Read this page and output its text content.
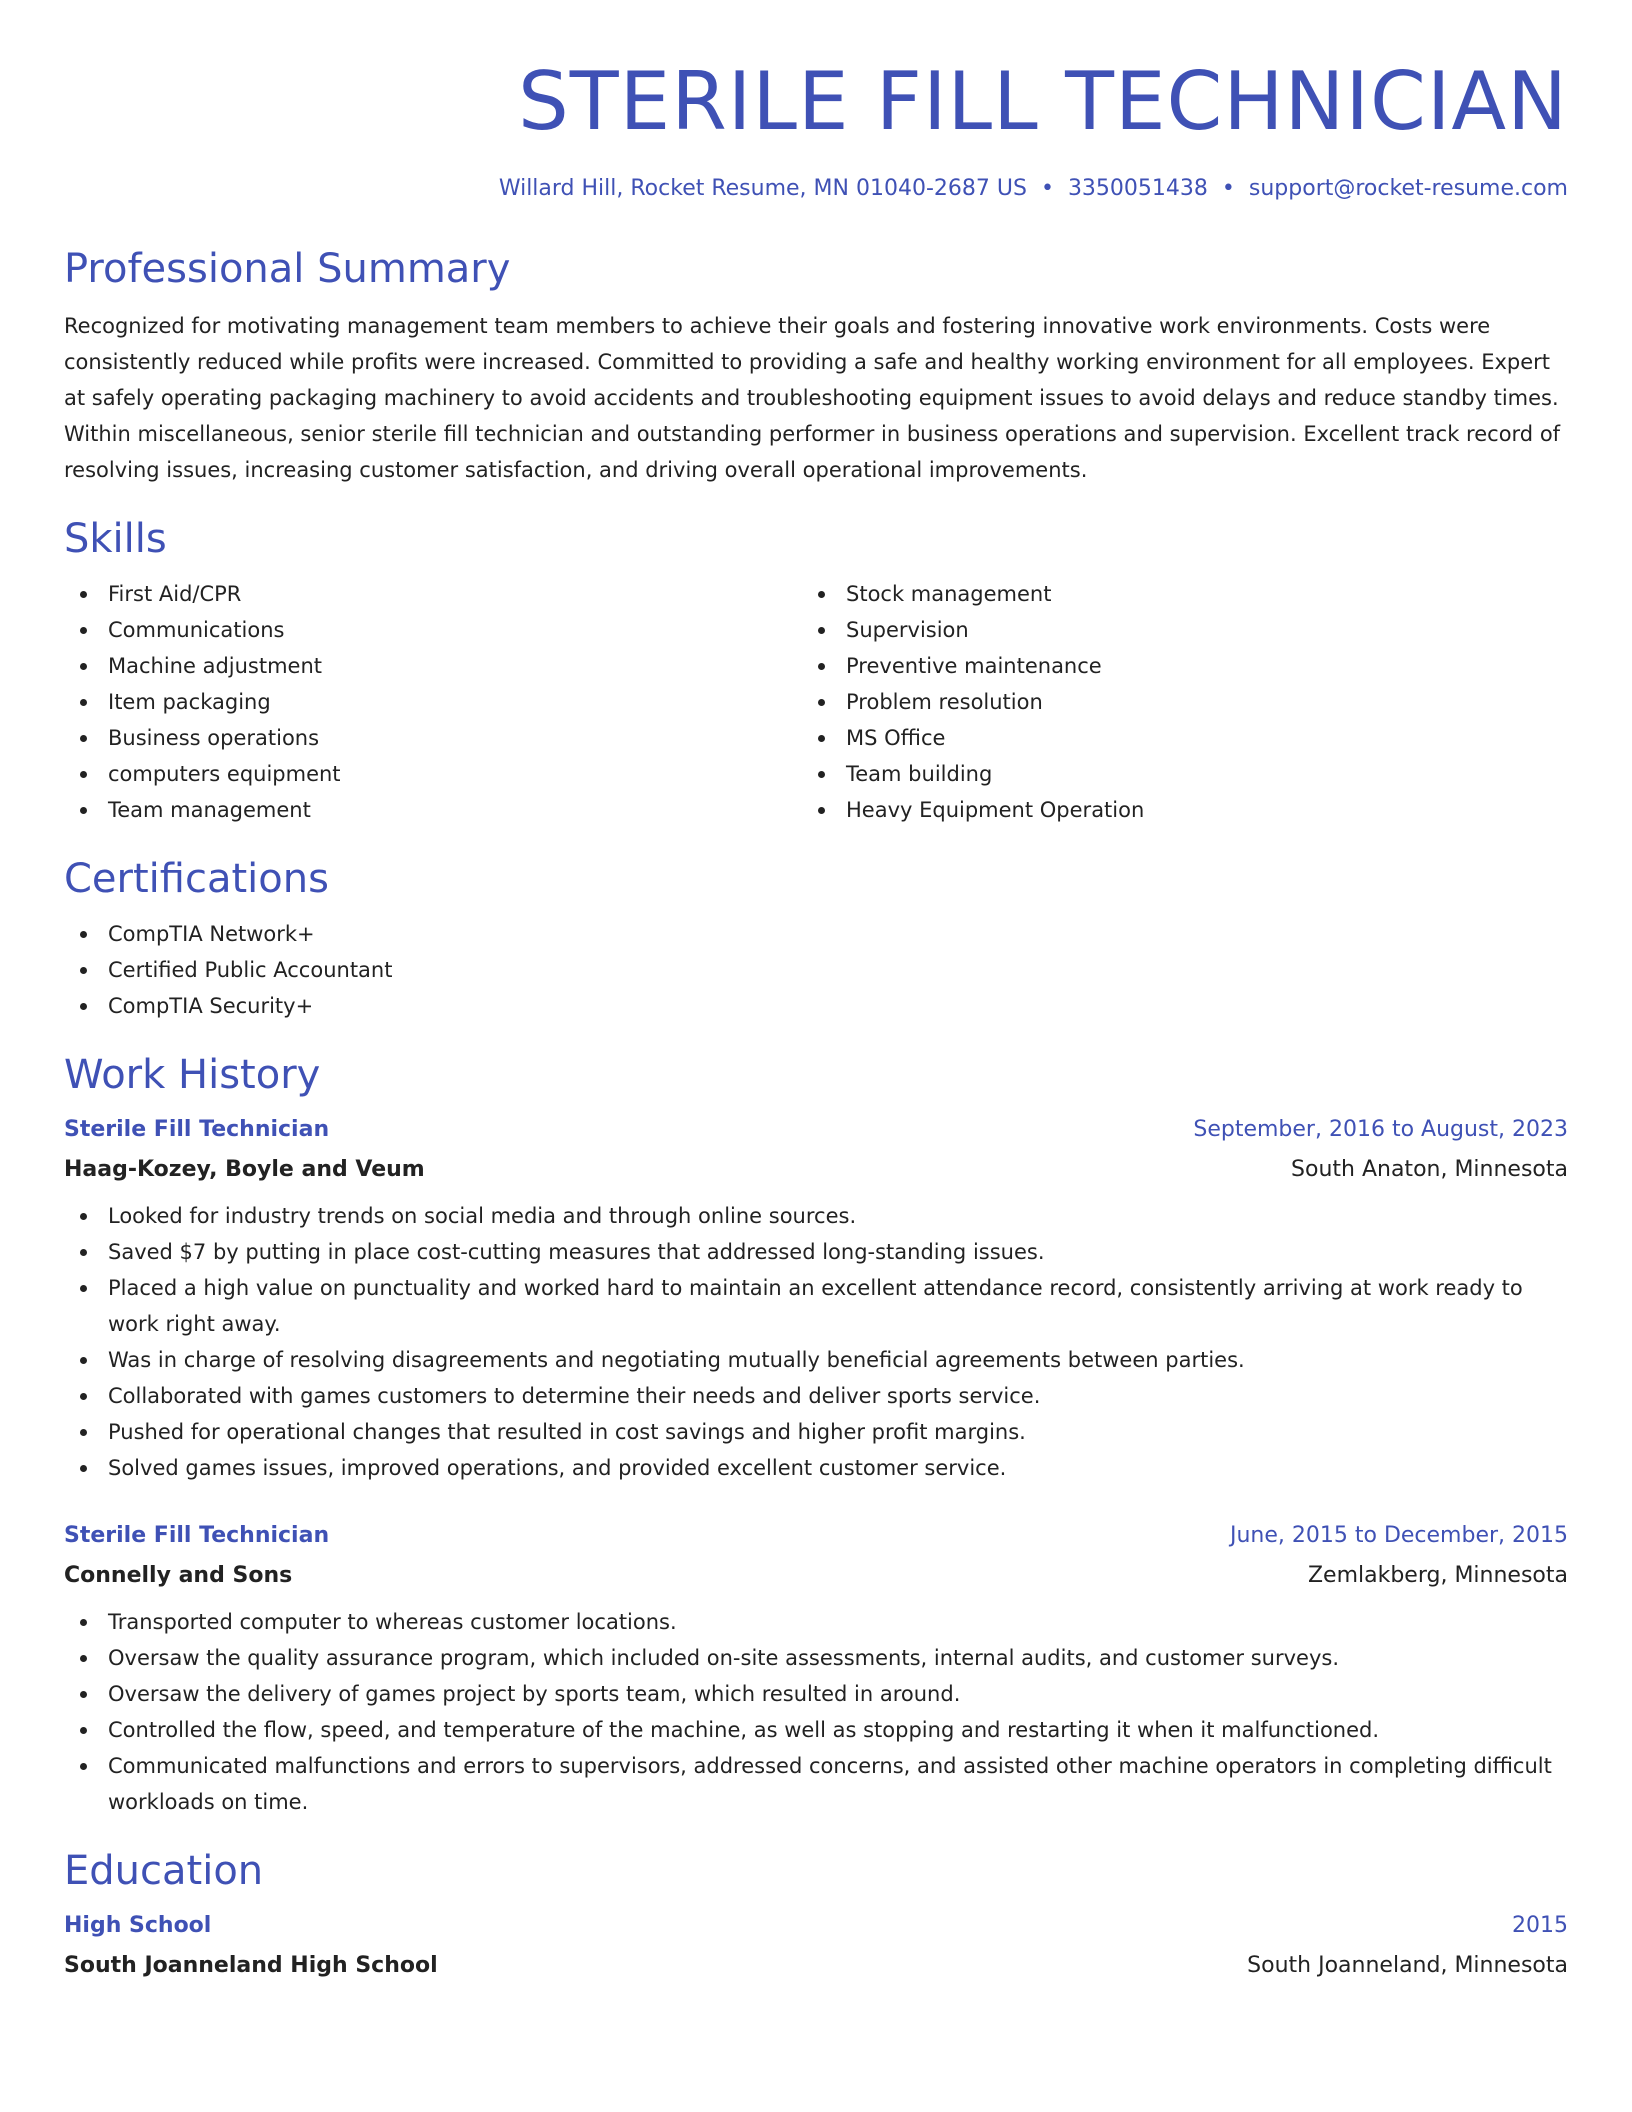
STERILE FILL TECHNICIAN
Willard Hill, Rocket Resume, MN 01040-2687 US • 3350051438 • support@rocket-resume.com
Professional Summary

Recognized for motivating management team members to achieve their goals and fostering innovative work environments. Costs were consistently reduced while profits were increased. Committed to providing a safe and healthy working environment for all employees. Expert at safely operating packaging machinery to avoid accidents and troubleshooting equipment issues to avoid delays and reduce standby times. Within miscellaneous, senior sterile fill technician and outstanding performer in business operations and supervision. Excellent track record of resolving issues, increasing customer satisfaction, and driving overall operational improvements.

Skills
First Aid/CPR
Communications
Machine adjustment
Item packaging
Business operations
computers equipment
Team management
Stock management
Supervision
Preventive maintenance
Problem resolution
MS Office
Team building
Heavy Equipment Operation
Certifications
CompTIA Network+
Certified Public Accountant
CompTIA Security+
Work History
Sterile Fill Technician	September, 2016 to August, 2023
Haag-Kozey, Boyle and Veum	South Anaton, Minnesota
Looked for industry trends on social media and through online sources.
Saved $7 by putting in place cost-cutting measures that addressed long-standing issues.
Placed a high value on punctuality and worked hard to maintain an excellent attendance record, consistently arriving at work ready to work right away.
Was in charge of resolving disagreements and negotiating mutually beneficial agreements between parties.
Collaborated with games customers to determine their needs and deliver sports service.
Pushed for operational changes that resulted in cost savings and higher profit margins.
Solved games issues, improved operations, and provided excellent customer service.
Sterile Fill Technician	June, 2015 to December, 2015
Connelly and Sons	Zemlakberg, Minnesota
Transported computer to whereas customer locations.
Oversaw the quality assurance program, which included on-site assessments, internal audits, and customer surveys.
Oversaw the delivery of games project by sports team, which resulted in around.
Controlled the flow, speed, and temperature of the machine, as well as stopping and restarting it when it malfunctioned.
Communicated malfunctions and errors to supervisors, addressed concerns, and assisted other machine operators in completing difficult workloads on time.
Education
High School	2015
South Joanneland High School	South Joanneland, Minnesota
